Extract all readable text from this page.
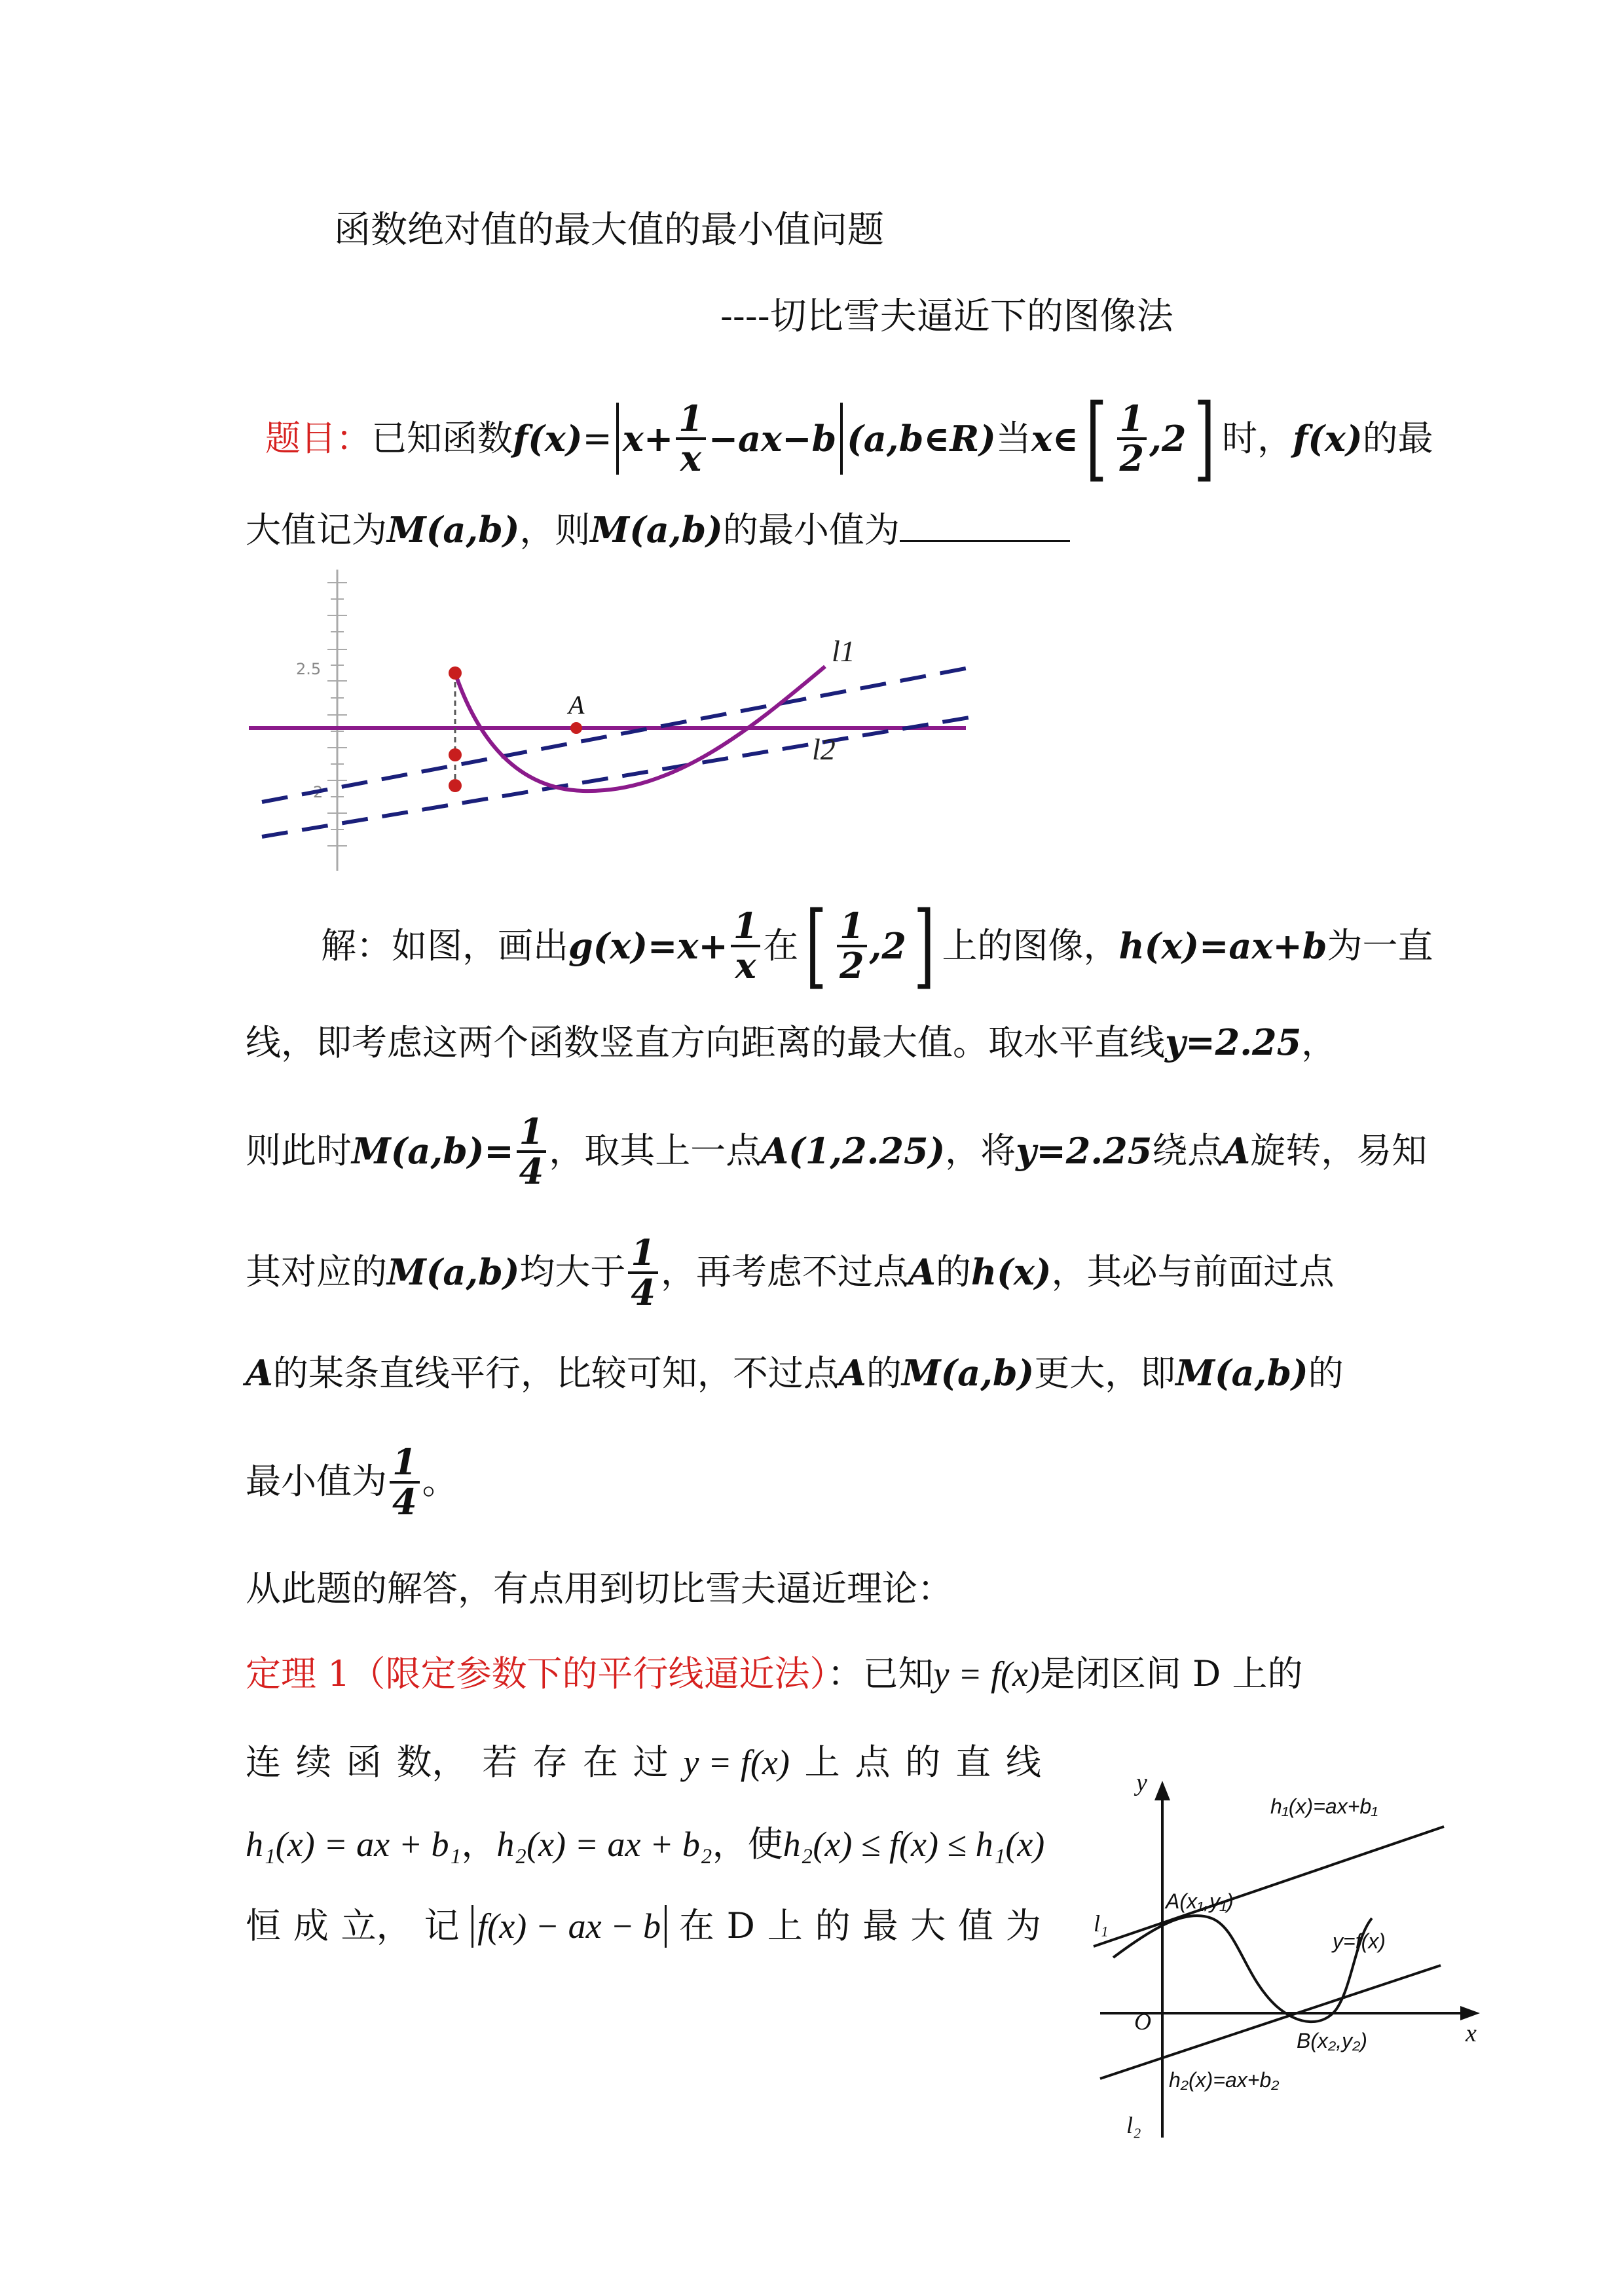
函数绝对值的最大值的最小值问题
----切比雪夫逼近下的图像法
题目： 已知函数 $f(x) = x+ \frac{1}{x} -ax-b$ (a,b∈R) 当 x∈ [ $\frac{1}{2} ,2$ ] 时， f(x) 的最
大值记为M(a,b)，则M(a,b)的最小值为
2.5
A
l1
l2
解：如图，画出 $g(x)=x+ \frac{1}{x}$ 在 [ $\frac{1}{2} ,2$ ] 上的图像， h(x)=ax+b 为一直
线，即考虑这两个函数竖直方向距离的最大值。取水平直线y=2.25，
则此时 $M(a,b)= \frac{1}{4}$ ，取其上一点 A(1,2.25) ，将 y=2.25 绕点 A 旋转，易知
其对应的 M(a,b) 均大于 $\frac{1}{4}$ ，再考虑不过点 A 的 h(x) ，其必与前面过点
A的某条直线平行，比较可知，不过点A的M(a,b)更大，即M(a,b)的
最小值为 $\frac{1}{4}$ 。
从此题的解答，有点用到切比雪夫逼近理论：
定理 1（限定参数下的平行线逼近法）：已知y = f(x)是闭区间 D 上的
连 续 函 数， 若 存 在 过 y = f(x) 上 点 的 直 线
h₁(x) = ax + b₁，h₂(x) = ax + b₂，使h₂(x) ≤ f(x) ≤ h₁(x)
恒 成 立， 记 f(x) − ax − b 在 D 上 的 最 大 值 为
y
x
O
h₁(x)=ax+b₁
h₂(x)=ax+b₂
l₁
l₂
A(x₁,y₁)
B(x₂,y₂)
y=f(x)
